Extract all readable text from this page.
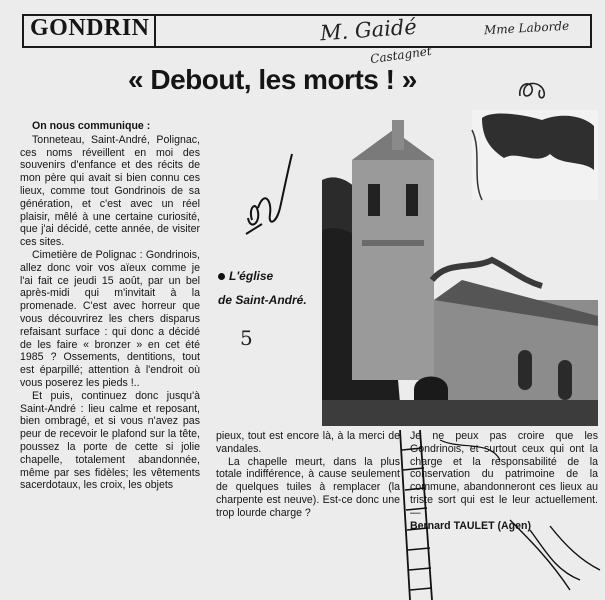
GONDRIN	M. Gaidé	Mme Laborde
Castagnet
« Debout, les morts ! »
On nous communique :

Tonneteau, Saint-André, Polignac, ces noms réveillent en moi des souvenirs d'enfance et des récits de mon père qui avait si bien connu ces lieux, comme tout Gondrinois de sa génération, et c'est avec un réel plaisir, mêlé à une certaine curiosité, que j'ai décidé, cette année, de visiter ces sites.

Cimetière de Polignac : Gondrinois, allez donc voir vos aïeux comme je l'ai fait ce jeudi 15 août, par un bel après-midi qui m'invitait à la promenade. C'est avec horreur que vous découvrirez les chers disparus refaisant surface : qui donc a décidé de les faire « bronzer » en cet été 1985 ? Ossements, dentitions, tout est éparpillé; attention à l'endroit où vous poserez les pieds !..

Et puis, continuez donc jusqu'à Saint-André : lieu calme et reposant, bien ombragé, et si vous n'avez pas peur de recevoir le plafond sur la tête, poussez la porte de cette si jolie chapelle, totalement abandonnée, même par ses fidèles; les vêtements sacerdotaux, les croix, les objets

L'église
de Saint-André.
5

pieux, tout est encore là, à la merci de vandales.

La chapelle meurt, dans la plus totale indifférence, à cause seulement de quelques tuiles à remplacer (la charpente est neuve). Est-ce donc une trop lourde charge ?

Je ne peux pas croire que les Gondrinois, et surtout ceux qui ont la charge et la responsabilité de la conservation du patrimoine de la commune, abandonneront ces lieux au triste sort qui est le leur actuellement. —

Bernard TAULET (Agen)
